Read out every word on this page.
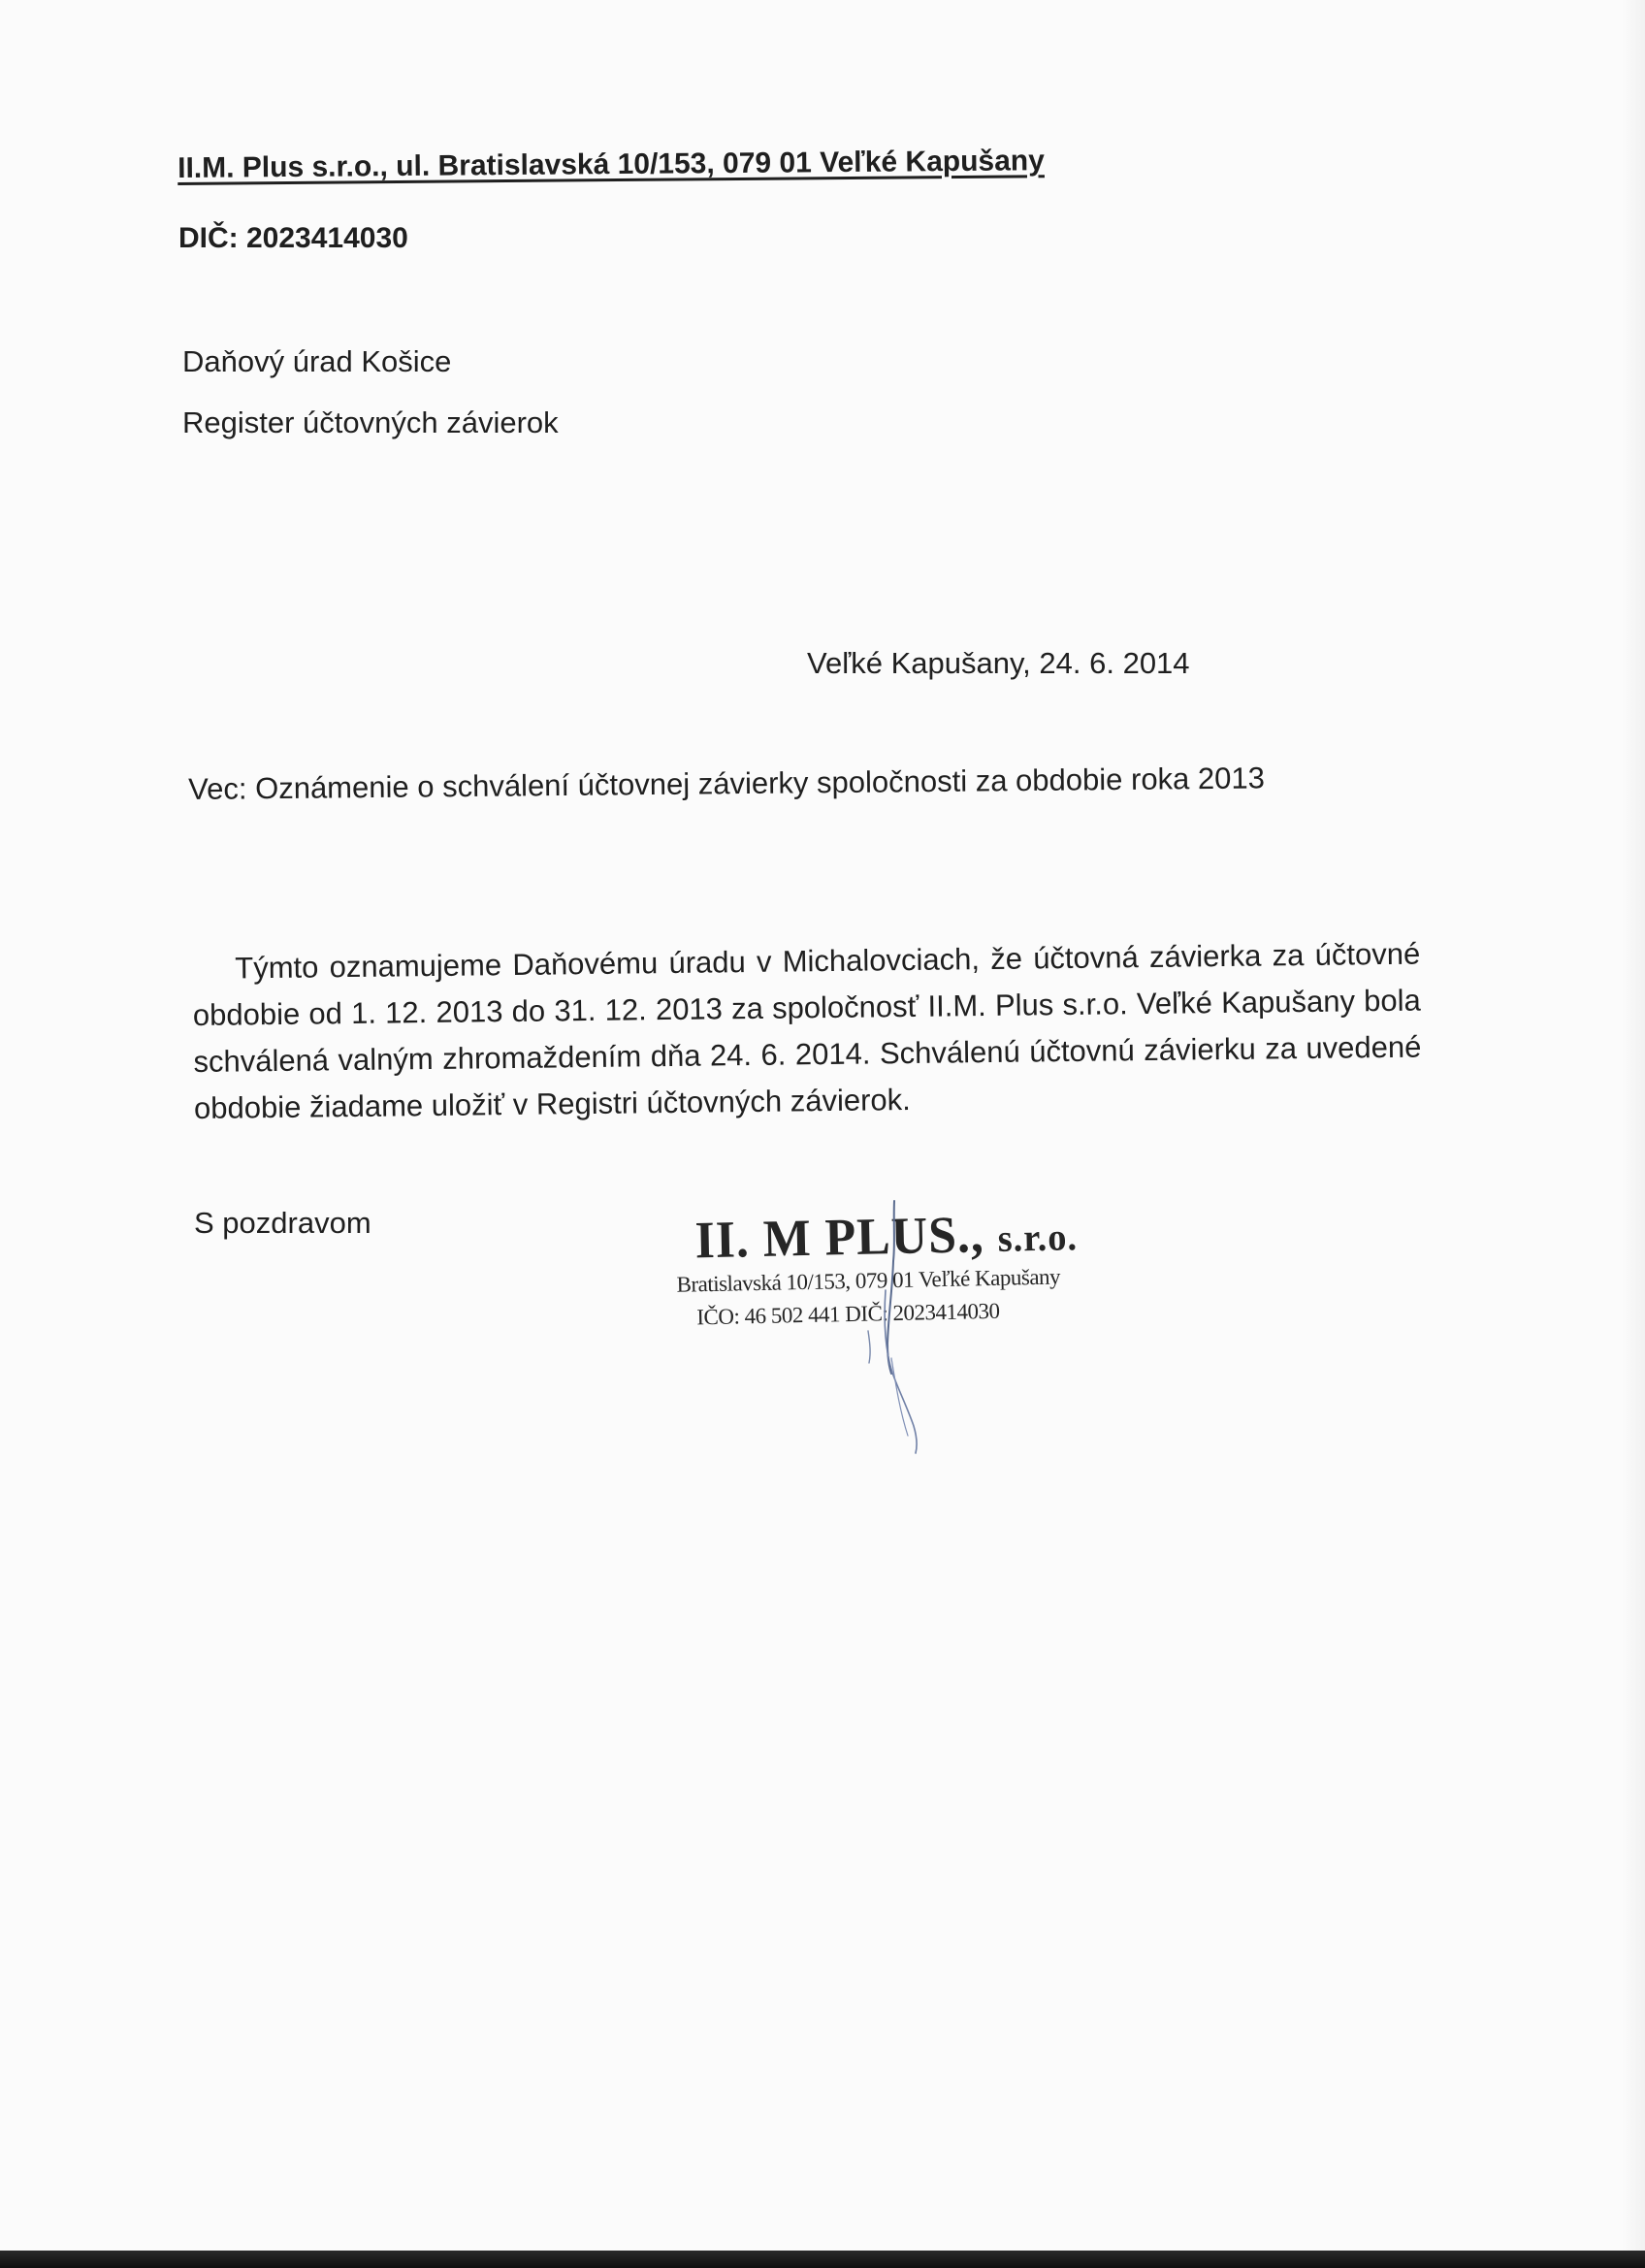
II.M. Plus s.r.o., ul. Bratislavská 10/153, 079 01 Veľké Kapušany
DIČ: 2023414030
Daňový úrad Košice
Register účtovných závierok
Veľké Kapušany, 24. 6. 2014
Vec: Oznámenie o schválení účtovnej závierky spoločnosti za obdobie roka 2013

Týmto oznamujeme Daňovému úradu v Michalovciach, že účtovná závierka za účtovné obdobie od 1. 12. 2013 do 31. 12. 2013 za spoločnosť II.M. Plus s.r.o. Veľké Kapušany bola schválená valným zhromaždením dňa 24. 6. 2014. Schválenú účtovnú závierku za uvedené obdobie žiadame uložiť v Registri účtovných závierok.

S pozdravom	II. M PLUS., s.r.o.
Bratislavská 10/153, 079 01 Veľké Kapušany
IČO: 46 502 441 DIČ: 2023414030
